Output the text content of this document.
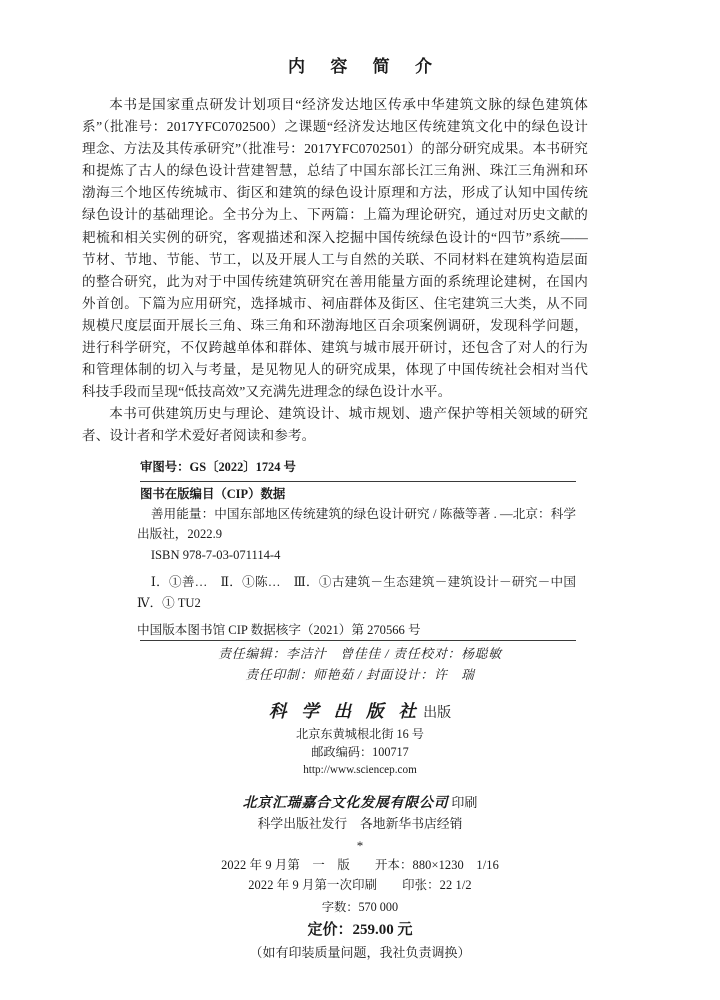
内 容 简 介

本书是国家重点研发计划项目“经济发达地区传承中华建筑文脉的绿色建筑体系”（批准号：2017YFC0702500）之课题“经济发达地区传统建筑文化中的绿色设计理念、方法及其传承研究”（批准号：2017YFC0702501）的部分研究成果。本书研究和提炼了古人的绿色设计营建智慧，总结了中国东部长江三角洲、珠江三角洲和环渤海三个地区传统城市、街区和建筑的绿色设计原理和方法，形成了认知中国传统绿色设计的基础理论。全书分为上、下两篇：上篇为理论研究，通过对历史文献的耙梳和相关实例的研究，客观描述和深入挖掘中国传统绿色设计的“四节”系统——节材、节地、节能、节工，以及开展人工与自然的关联、不同材料在建筑构造层面的整合研究，此为对于中国传统建筑研究在善用能量方面的系统理论建树，在国内外首创。下篇为应用研究，选择城市、祠庙群体及街区、住宅建筑三大类，从不同规模尺度层面开展长三角、珠三角和环渤海地区百余项案例调研，发现科学问题，进行科学研究，不仅跨越单体和群体、建筑与城市展开研讨，还包含了对人的行为和管理体制的切入与考量，是见物见人的研究成果，体现了中国传统社会相对当代科技手段而呈现“低技高效”又充满先进理念的绿色设计水平。

本书可供建筑历史与理论、建筑设计、城市规划、遗产保护等相关领域的研究者、设计者和学术爱好者阅读和参考。

审图号：GS〔2022〕1724 号
图书在版编目（CIP）数据
善用能量：中国东部地区传统建筑的绿色设计研究 / 陈薇等著 . —北京：科学出版社，2022.9
ISBN 978-7-03-071114-4
Ⅰ．①善…　Ⅱ．①陈…　Ⅲ．①古建筑－生态建筑－建筑设计－研究－中国　Ⅳ．① TU2
中国版本图书馆 CIP 数据核字（2021）第 270566 号
责任编辑：李洁汁　曾佳佳 / 责任校对：杨聪敏
责任印制：师艳茹 / 封面设计：许　瑞
科 学 出 版 社 出版
北京东黄城根北街 16 号
邮政编码：100717
http://www.sciencep.com
北京汇瑞嘉合文化发展有限公司 印刷
科学出版社发行　各地新华书店经销
*
2022 年 9 月第　一　版　　开本：880×1230　1/16
2022 年 9 月第一次印刷　　印张：22 1/2
字数：570 000
定价：259.00 元
（如有印装质量问题，我社负责调换）
